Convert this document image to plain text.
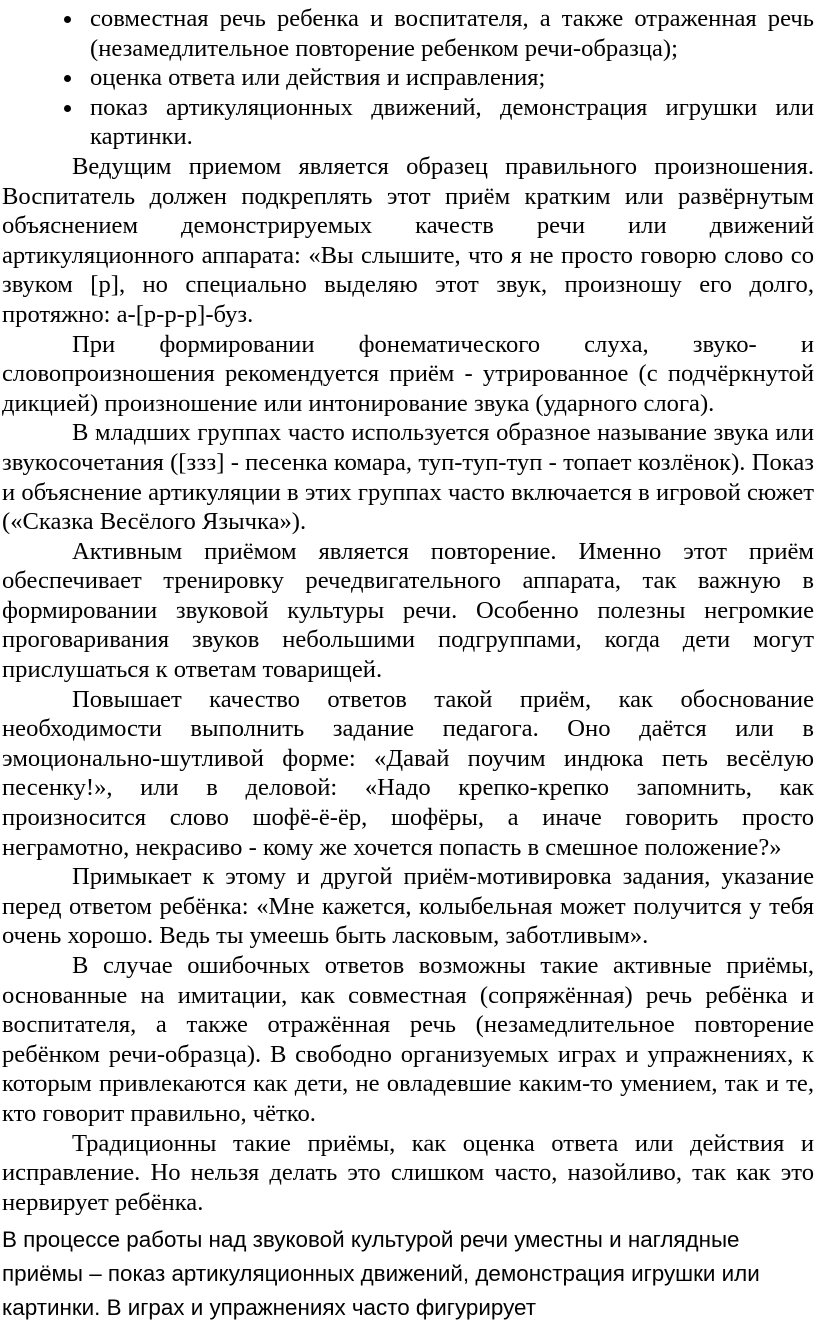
совместная речь ребенка и воспитателя, а также отраженная речь (незамедлительное повторение ребенком речи-образца);
оценка ответа или действия и исправления;
показ артикуляционных движений, демонстрация игрушки или картинки.

Ведущим приемом является образец правильного произношения. Воспитатель должен подкреплять этот приём кратким или развёрнутым объяснением демонстрируемых качеств речи или движений артикуляционного аппарата: «Вы слышите, что я не просто говорю слово со звуком [р], но специально выделяю этот звук, произношу его долго, протяжно: а-[р-р-р]-буз.

При формировании фонематического слуха, звуко- и словопроизношения рекомендуется приём - утрированное (с подчёркнутой дикцией) произношение или интонирование звука (ударного слога).

В младших группах часто используется образное называние звука или звукосочетания ([ззз] - песенка комара, туп-туп-туп - топает козлёнок). Показ и объяснение артикуляции в этих группах часто включается в игровой сюжет («Сказка Весёлого Язычка»).

Активным приёмом является повторение. Именно этот приём обеспечивает тренировку речедвигательного аппарата, так важную в формировании звуковой культуры речи. Особенно полезны негромкие проговаривания звуков небольшими подгруппами, когда дети могут прислушаться к ответам товарищей.

Повышает качество ответов такой приём, как обоснование необходимости выполнить задание педагога. Оно даётся или в эмоционально-шутливой форме: «Давай поучим индюка петь весёлую песенку!», или в деловой: «Надо крепко-крепко запомнить, как произносится слово шофё-ё-ёр, шофёры, а иначе говорить просто неграмотно, некрасиво - кому же хочется попасть в смешное положение?»

Примыкает к этому и другой приём-мотивировка задания, указание перед ответом ребёнка: «Мне кажется, колыбельная может получится у тебя очень хорошо. Ведь ты умеешь быть ласковым, заботливым».

В случае ошибочных ответов возможны такие активные приёмы, основанные на имитации, как совместная (сопряжённая) речь ребёнка и воспитателя, а также отражённая речь (незамедлительное повторение ребёнком речи-образца). В свободно организуемых играх и упражнениях, к которым привлекаются как дети, не овладевшие каким-то умением, так и те, кто говорит правильно, чётко.

Традиционны такие приёмы, как оценка ответа или действия и исправление. Но нельзя делать это слишком часто, назойливо, так как это нервирует ребёнка.

В процессе работы над звуковой культурой речи уместны и наглядные приёмы – показ артикуляционных движений, демонстрация игрушки или картинки. В играх и упражнениях часто фигурирует
